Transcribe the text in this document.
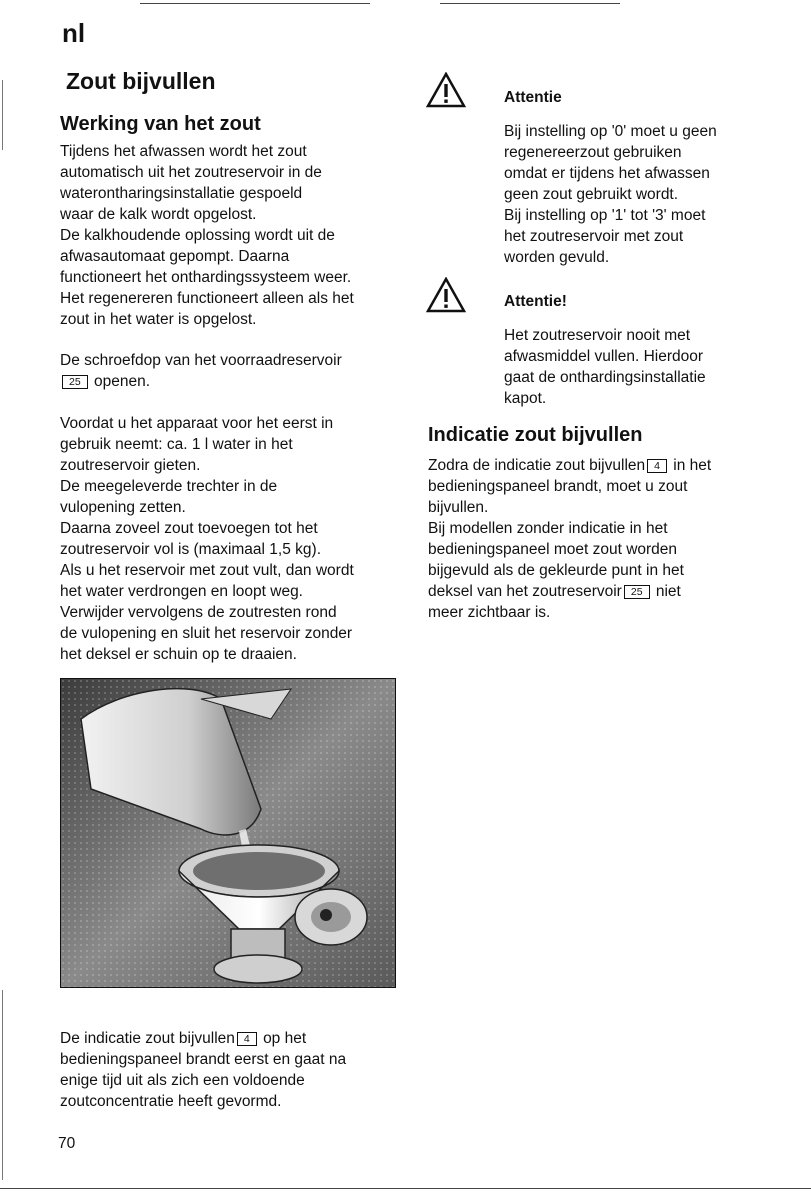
nl
Zout bijvullen
Werking van het zout

Tijdens het afwassen wordt het zout

automatisch uit het zoutreservoir in de

waterontharingsinstallatie gespoeld

waar de kalk wordt opgelost.

De kalkhoudende oplossing wordt uit de

afwasautomaat gepompt. Daarna

functioneert het onthardingssysteem weer.

Het regenereren functioneert alleen als het

zout in het water is opgelost.

De schroefdop van het voorraadreservoir

25 openen.

Voordat u het apparaat voor het eerst in

gebruik neemt: ca. 1 l water in het

zoutreservoir gieten.

De meegeleverde trechter in de

vulopening zetten.

Daarna zoveel zout toevoegen tot het

zoutreservoir vol is (maximaal 1,5 kg).

Als u het reservoir met zout vult, dan wordt

het water verdrongen en loopt weg.

Verwijder vervolgens de zoutresten rond

de vulopening en sluit het reservoir zonder

het deksel er schuin op te draaien.

De indicatie zout bijvullen 4 op het

bedieningspaneel brandt eerst en gaat na

enige tijd uit als zich een voldoende

zoutconcentratie heeft gevormd.

70
Attentie

Bij instelling op '0' moet u geen

regenereerzout gebruiken

omdat er tijdens het afwassen

geen zout gebruikt wordt.

Bij instelling op '1' tot '3' moet

het zoutreservoir met zout

worden gevuld.

Attentie!

Het zoutreservoir nooit met

afwasmiddel vullen. Hierdoor

gaat de onthardingsinstallatie

kapot.

Indicatie zout bijvullen

Zodra de indicatie zout bijvullen 4 in het

bedieningspaneel brandt, moet u zout

bijvullen.

Bij modellen zonder indicatie in het

bedieningspaneel moet zout worden

bijgevuld als de gekleurde punt in het

deksel van het zoutreservoir 25 niet

meer zichtbaar is.
